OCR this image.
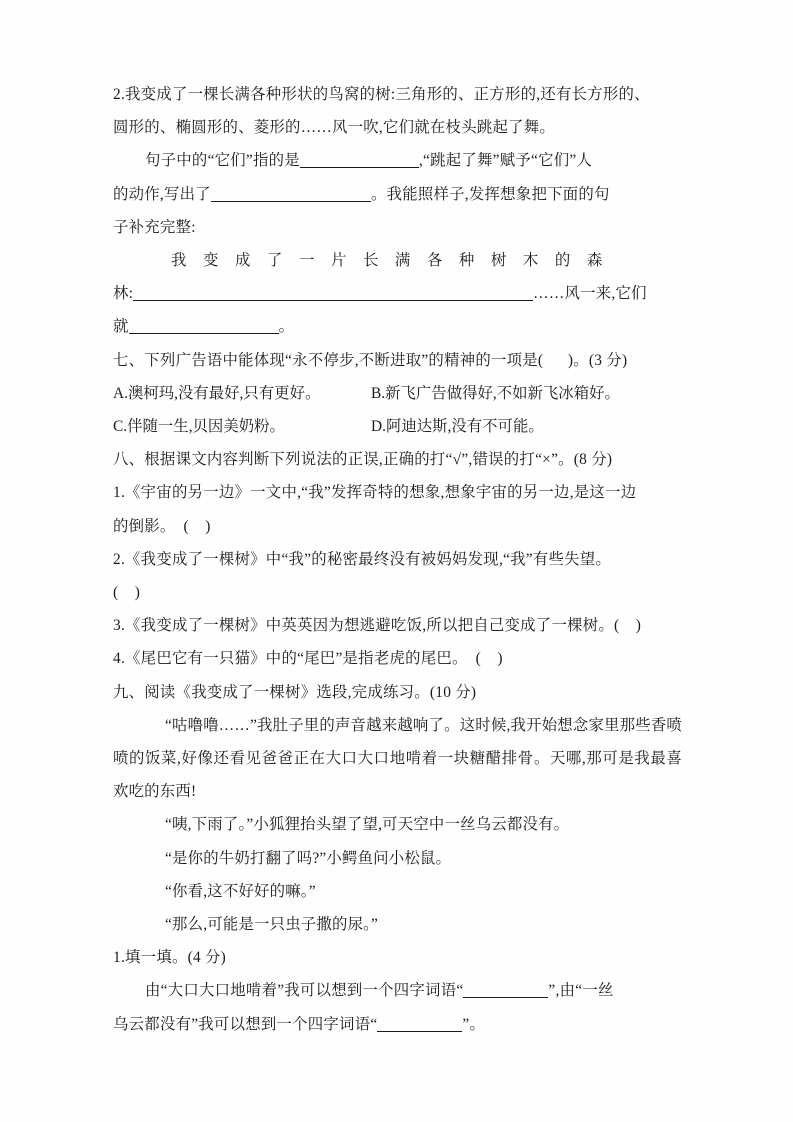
2.我变成了一棵长满各种形状的鸟窝的树:三角形的、正方形的,还有长方形的、

圆形的、椭圆形的、菱形的……风一吹,它们就在枝头跳起了舞。

句子中的“它们”指的是	,“跳起了舞”赋予“它们”人

的动作,写出了	。我能照样子,发挥想象把下面的句

子补充完整:

我变成了一片长满各种树木的森

林:	……风一来,它们

就	。

七、下列广告语中能体现“永不停步,不断进取”的精神的一项是(      )。(3 分)

A.澳柯玛,没有最好,只有更好。	B.新飞广告做得好,不如新飞冰箱好。

C.伴随一生,贝因美奶粉。	D.阿迪达斯,没有不可能。

八、根据课文内容判断下列说法的正误,正确的打“√”,错误的打“×”。(8 分)

1.《宇宙的另一边》一文中,“我”发挥奇特的想象,想象宇宙的另一边,是这一边

的倒影。　(    )

2.《我变成了一棵树》中“我”的秘密最终没有被妈妈发现,“我”有些失望。

(    )

3.《我变成了一棵树》中英英因为想逃避吃饭,所以把自己变成了一棵树。(    )

4.《尾巴它有一只猫》中的“尾巴”是指老虎的尾巴。　(    )

九、阅读《我变成了一棵树》选段,完成练习。(10 分)

“咕噜噜……”我肚子里的声音越来越响了。这时候,我开始想念家里那些香喷喷的饭菜,好像还看见爸爸正在大口大口地啃着一块糖醋排骨。天哪,那可是我最喜欢吃的东西!

“咦,下雨了。”小狐狸抬头望了望,可天空中一丝乌云都没有。

“是你的牛奶打翻了吗?”小鳄鱼问小松鼠。

“你看,这不好好的嘛。”

“那么,可能是一只虫子撒的尿。”

1.填一填。(4 分)

由“大口大口地啃着”我可以想到一个四字词语“	”,由“一丝

乌云都没有”我可以想到一个四字词语“	”。
